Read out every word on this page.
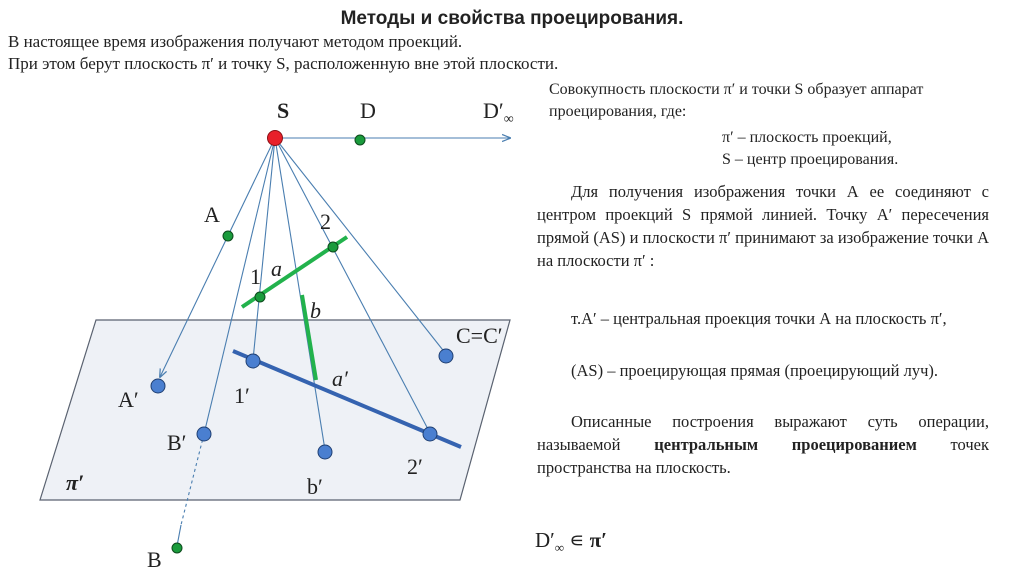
Методы и свойства проецирования.
В настоящее время изображения получают методом проекций.
При этом берут плоскость π′ и точку S, расположенную вне этой плоскости.
Совокупность плоскости π′ и точки S образует аппарат
проецирования, где:
π′ – плоскость проекций,
S – центр проецирования.
Для получения изображения точки А ее соединяют с центром проекций S прямой линией. Точку А′ пересечения прямой (АS) и плоскости π′ принимают за изображение точки А на плоскости π′ :
т.А′ – центральная проекция точки А на плоскость π′,
(АS) – проецирующая прямая (проецирующий луч).
Описанные построения выражают суть операции, называемой центральным проецированием точек пространства на плоскость.
$D'_\infty$ ∊ π′
S	D	$D'_\infty$
A	2
1 a
b
C=C′
a′
A′	1′
B′
2′
b′
π′
B
